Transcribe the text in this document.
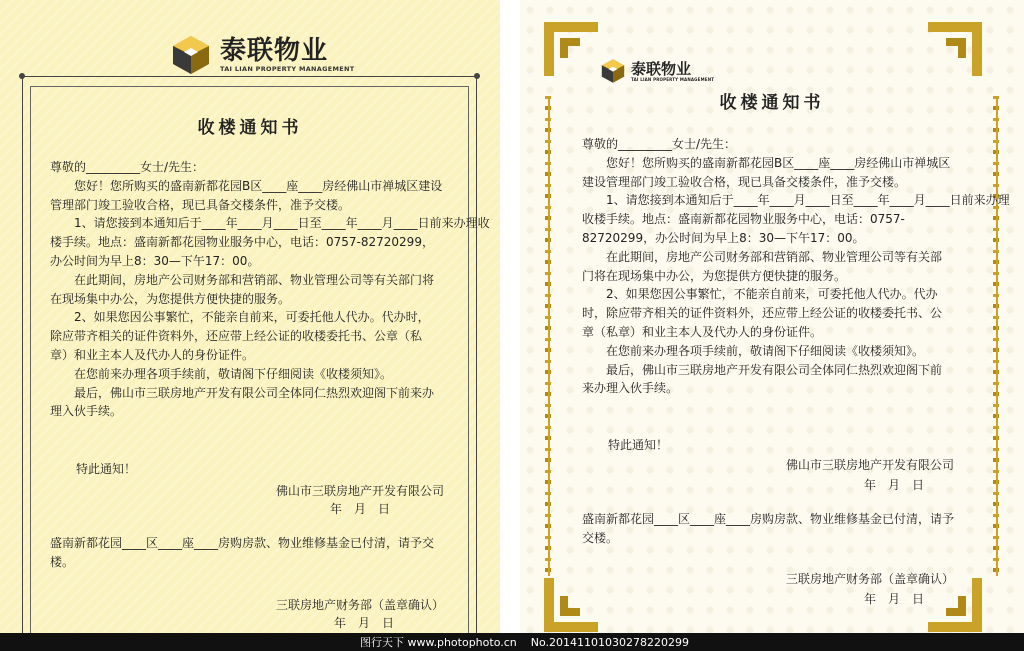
泰联物业
TAI LIAN PROPERTY MANAGEMENT

收楼通知书

尊敬的_________女士/先生：

您好！您所购买的盛南新都花园B区____座____房经佛山市禅城区建设

管理部门竣工验收合格，现已具备交楼条件，准予交楼。

1、请您接到本通知后于____年____月____日至____年____月____日前来办理收

楼手续。地点：盛南新都花园物业服务中心，电话：0757-82720299，

办公时间为早上8：30—下午17：00。

在此期间，房地产公司财务部和营销部、物业管理公司等有关部门将

在现场集中办公，为您提供方便快捷的服务。

2、如果您因公事繁忙，不能亲自前来，可委托他人代办。代办时，

除应带齐相关的证件资料外，还应带上经公证的收楼委托书、公章（私

章）和业主本人及代办人的身份证件。

在您前来办理各项手续前，敬请阁下仔细阅读《收楼须知》。

最后，佛山市三联房地产开发有限公司全体同仁热烈欢迎阁下前来办

理入伙手续。

特此通知！
佛山市三联房地产开发有限公司
年　月　日

盛南新都花园____区____座____房购房款、物业维修基金已付清，请予交

楼。

三联房地产财务部（盖章确认）
年　月　日
泰联物业
TAI LIAN PROPERTY MANAGEMENT

收楼通知书

尊敬的_________女士/先生：

您好！您所购买的盛南新都花园B区____座____房经佛山市禅城区

建设管理部门竣工验收合格，现已具备交楼条件，准予交楼。

1、请您接到本通知后于____年____月____日至____年____月____日前来办理

收楼手续。地点：盛南新都花园物业服务中心，电话：0757-

82720299，办公时间为早上8：30—下午17：00。

在此期间，房地产公司财务部和营销部、物业管理公司等有关部

门将在现场集中办公，为您提供方便快捷的服务。

2、如果您因公事繁忙，不能亲自前来，可委托他人代办。代办

时，除应带齐相关的证件资料外，还应带上经公证的收楼委托书、公

章（私章）和业主本人及代办人的身份证件。

在您前来办理各项手续前，敬请阁下仔细阅读《收楼须知》。

最后，佛山市三联房地产开发有限公司全体同仁热烈欢迎阁下前

来办理入伙手续。

特此通知！
佛山市三联房地产开发有限公司
年　月　日

盛南新都花园____区____座____房购房款、物业维修基金已付清，请予

交楼。

三联房地产财务部（盖章确认）
年　月　日
图行天下 www.photophoto.cn No.20141101030278220299
